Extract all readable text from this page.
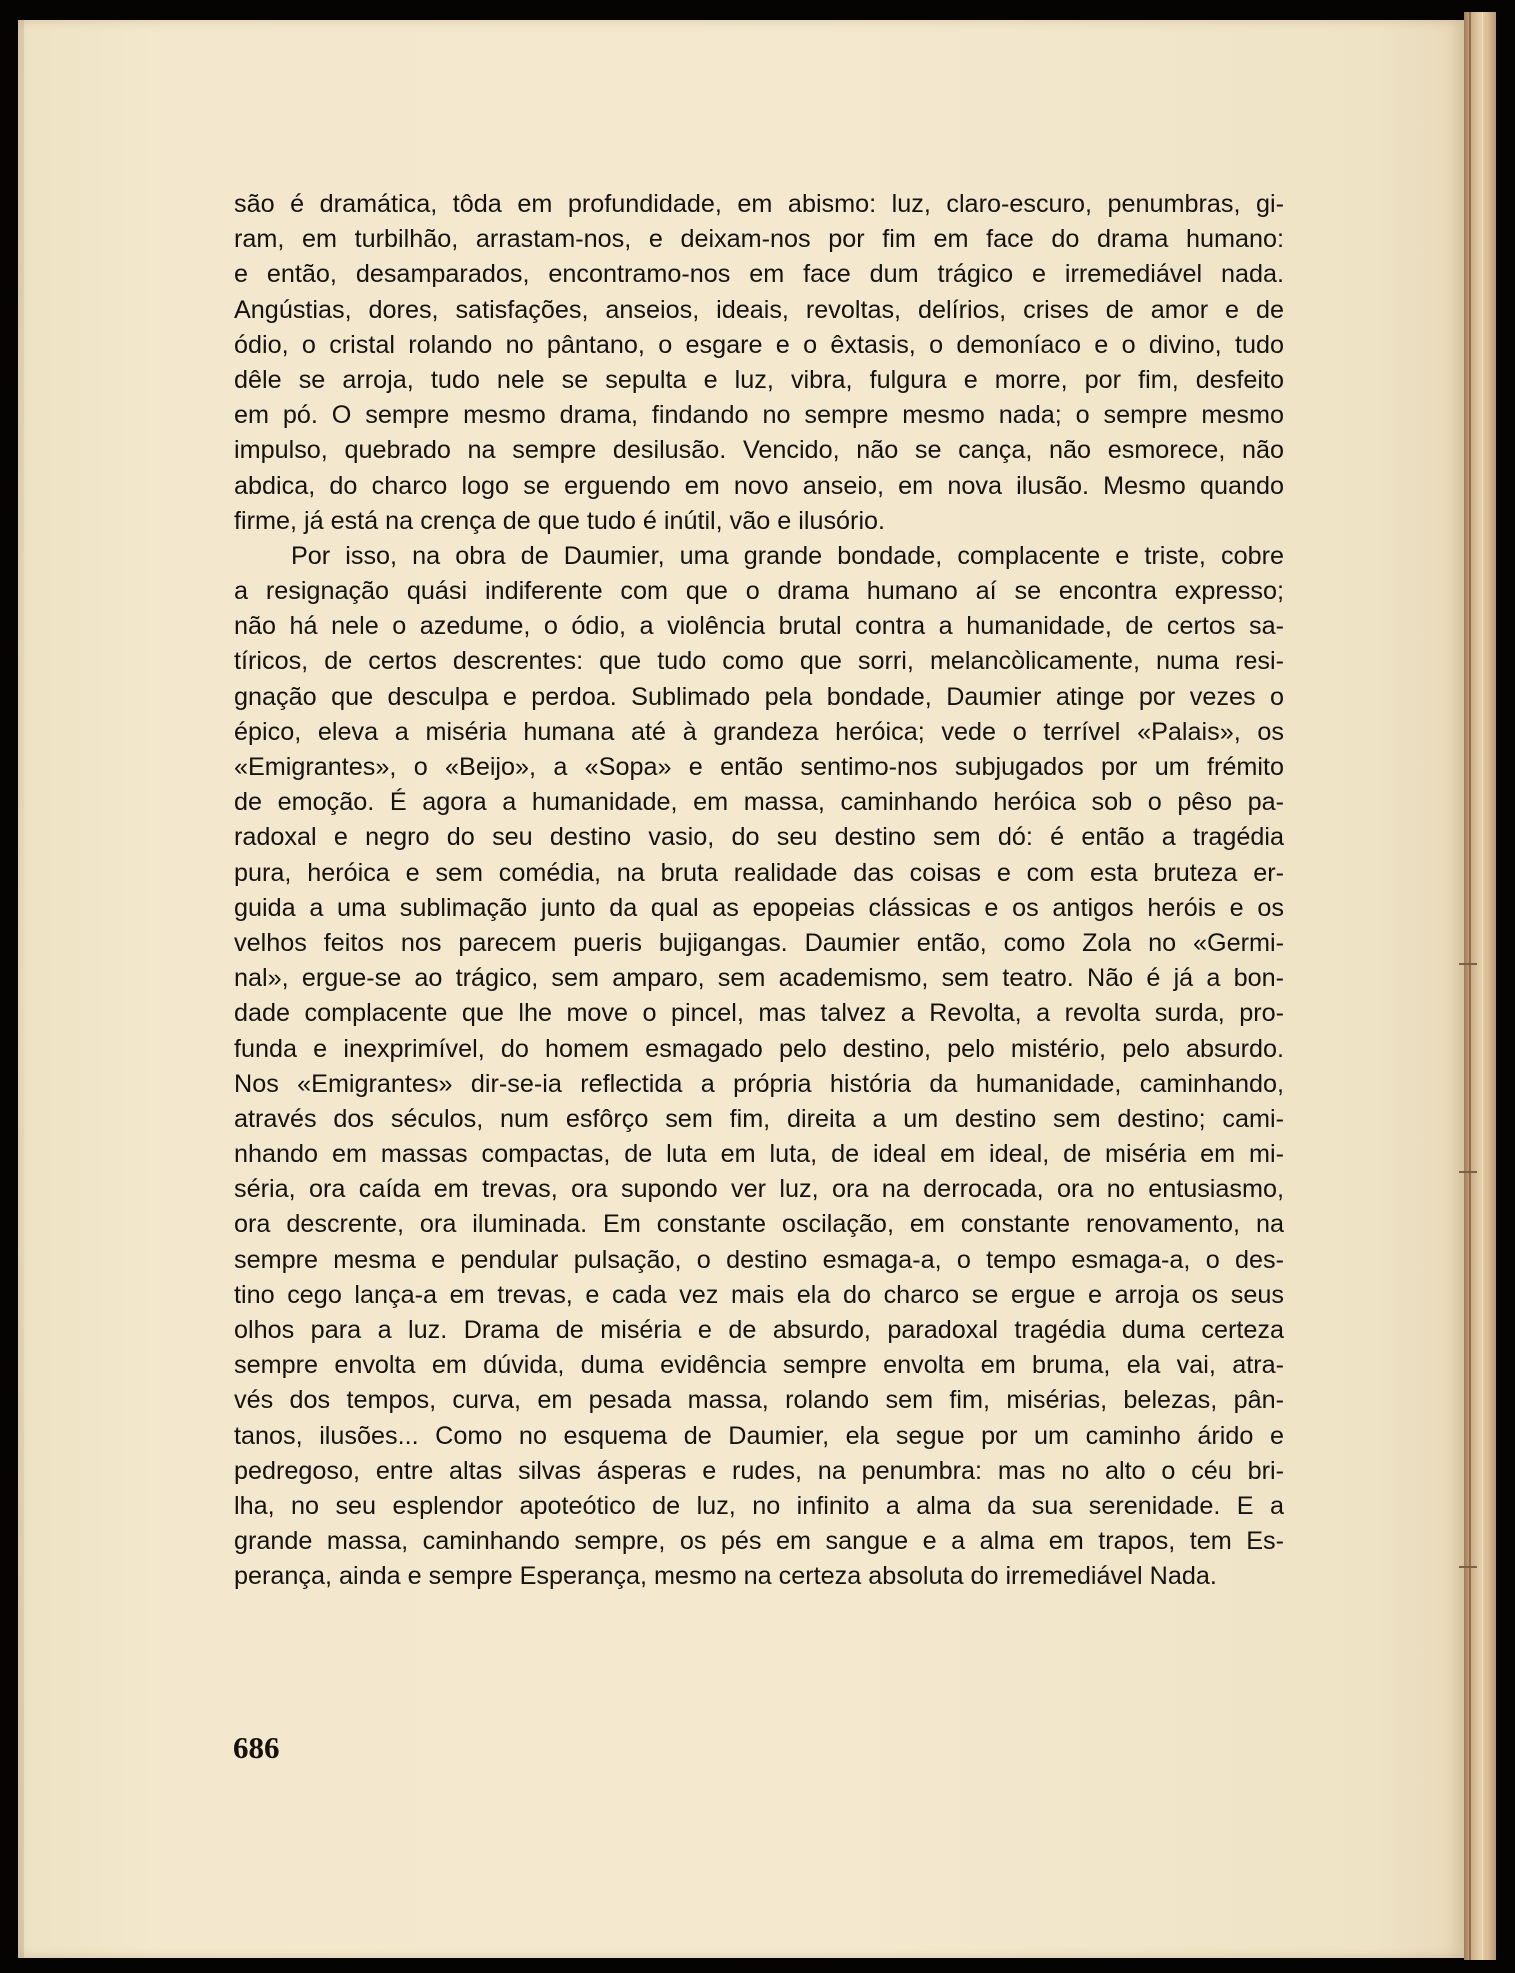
são é dramática, tôda em profundidade, em abismo: luz, claro-escuro, penumbras, gi-
ram, em turbilhão, arrastam-nos, e deixam-nos por fim em face do drama humano:
e então, desamparados, encontramo-nos em face dum trágico e irremediável nada.
Angústias, dores, satisfações, anseios, ideais, revoltas, delírios, crises de amor e de
ódio, o cristal rolando no pântano, o esgare e o êxtasis, o demoníaco e o divino, tudo
dêle se arroja, tudo nele se sepulta e luz, vibra, fulgura e morre, por fim, desfeito
em pó. O sempre mesmo drama, findando no sempre mesmo nada; o sempre mesmo
impulso, quebrado na sempre desilusão. Vencido, não se cança, não esmorece, não
abdica, do charco logo se erguendo em novo anseio, em nova ilusão. Mesmo quando
firme, já está na crença de que tudo é inútil, vão e ilusório.
Por isso, na obra de Daumier, uma grande bondade, complacente e triste, cobre
a resignação quási indiferente com que o drama humano aí se encontra expresso;
não há nele o azedume, o ódio, a violência brutal contra a humanidade, de certos sa-
tíricos, de certos descrentes: que tudo como que sorri, melancòlicamente, numa resi-
gnação que desculpa e perdoa. Sublimado pela bondade, Daumier atinge por vezes o
épico, eleva a miséria humana até à grandeza heróica; vede o terrível «Palais», os
«Emigrantes», o «Beijo», a «Sopa» e então sentimo-nos subjugados por um frémito
de emoção. É agora a humanidade, em massa, caminhando heróica sob o pêso pa-
radoxal e negro do seu destino vasio, do seu destino sem dó: é então a tragédia
pura, heróica e sem comédia, na bruta realidade das coisas e com esta bruteza er-
guida a uma sublimação junto da qual as epopeias clássicas e os antigos heróis e os
velhos feitos nos parecem pueris bujigangas. Daumier então, como Zola no «Germi-
nal», ergue-se ao trágico, sem amparo, sem academismo, sem teatro. Não é já a bon-
dade complacente que lhe move o pincel, mas talvez a Revolta, a revolta surda, pro-
funda e inexprimível, do homem esmagado pelo destino, pelo mistério, pelo absurdo.
Nos «Emigrantes» dir-se-ia reflectida a própria história da humanidade, caminhando,
através dos séculos, num esfôrço sem fim, direita a um destino sem destino; cami-
nhando em massas compactas, de luta em luta, de ideal em ideal, de miséria em mi-
séria, ora caída em trevas, ora supondo ver luz, ora na derrocada, ora no entusiasmo,
ora descrente, ora iluminada. Em constante oscilação, em constante renovamento, na
sempre mesma e pendular pulsação, o destino esmaga-a, o tempo esmaga-a, o des-
tino cego lança-a em trevas, e cada vez mais ela do charco se ergue e arroja os seus
olhos para a luz. Drama de miséria e de absurdo, paradoxal tragédia duma certeza
sempre envolta em dúvida, duma evidência sempre envolta em bruma, ela vai, atra-
vés dos tempos, curva, em pesada massa, rolando sem fim, misérias, belezas, pân-
tanos, ilusões... Como no esquema de Daumier, ela segue por um caminho árido e
pedregoso, entre altas silvas ásperas e rudes, na penumbra: mas no alto o céu bri-
lha, no seu esplendor apoteótico de luz, no infinito a alma da sua serenidade. E a
grande massa, caminhando sempre, os pés em sangue e a alma em trapos, tem Es-
perança, ainda e sempre Esperança, mesmo na certeza absoluta do irremediável Nada.
686
